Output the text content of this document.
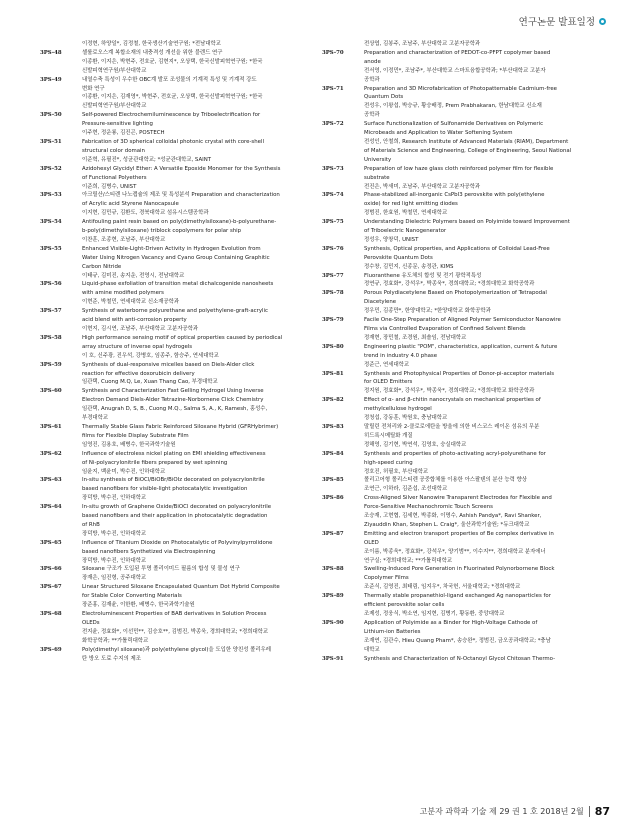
연구논문 발표일정
이정현, 하양일*, 김정철, 한국생산기술연구원; *전남대학교
3PS-48	셀룰로오스계 복합소재의 내충격성 개선을 위한 블렌드 연구
이종환, 이지은, 박현주, 전호균, 김현지*, 오상택, 한국신발피혁연구원; *한국
신발피혁연구원/부산대학교
3PS-49	내열수축 특성이 우수한 OBC계 발포 조성물의 기계적 특성 및 기계적 강도
변화 연구
이종환, 이지은, 김재영*, 박현주, 전호균, 오상택, 한국신발피혁연구원; *한국
신발피혁연구원/부산대학교
3PS-50	Self-powered Electrochemiluminescence by Triboelectrification for
Pressure-sensitive lighting
이주현, 정운룡, 김진곤, POSTECH
3PS-51	Fabrication of 3D spherical colloidal photonic crystal with core-shell
structural color domain
이준혁, 유필진*, 성균관대학교; *성균관대학교, SAINT
3PS-52	Azidohexyl Glycidyl Ether: A Versatile Epoxide Monomer for the Synthesis
of Functional Polyethers
이준희, 김병수, UNIST
3PS-53	아크릴산/스티렌 나노캡슐의 제조 및 특성분석 Preparation and characterization
of Acrylic acid Styrene Nanocapsule
이지현, 김민규, 김환도, 경북대학교 섬유시스템공학과
3PS-54	Antifouling paint resin based on poly(dimethylsiloxane)-b-polyurethane-
b-poly(dimethylsiloxane) triblock copolymers for polar ship
이찬훈, 조종현, 조남주, 부산대학교
3PS-55	Enhanced Visible-Light-Driven Activity in Hydrogen Evolution from
Water Using Nitrogen Vacancy and Cyano Group Containing Graphitic
Carbon Nitride
이태규, 김미진, 송지운, 전영시, 전남대학교
3PS-56	Liquid-phase exfoliation of transition metal dichalcogenide nanosheets
with amine modified polymers
이현준, 박철민, 연세대학교 신소재공학과
3PS-57	Synthesis of waterborne polyurethane and polyethylene-graft-acrylic
acid blend with anti-corrosion property
이현지, 김시연, 조남주, 부산대학교 고분자공학과
3PS-58	High performance sensing motif of optical properties caused by periodical
array structure of inverse opal hydrogels
이 호, 신주광, 진우석, 강병호, 임종주, 함승주, 연세대학교
3PS-59	Synthesis of dual-responsive micelles based on Diels-Alder click
reaction for effective doxorubicin delivery
임관택, Cuong M.Q, Le, Xuan Thang Cao, 부경대학교
3PS-60	Synthesis and Characterization Fast Gelling Hydrogel Using Inverse
Electron Demand Diels-Alder Tetrazine-Norbornene Click Chemistry
임관택, Anugrah D, S, B., Cuong M.Q., Salma S, A., K, Ramesh, 홍성수,
부경대학교
3PS-61	Thermally Stable Glass Fabric Reinforced Siloxane Hybrid (GFRHybrimer)
films for Flexible Display Substrate Film
임영진, 김용호, 배병수, 한국과학기술원
3PS-62	Influence of electroless nickel plating on EMI shielding effectiveness
of Ni-polyacrylonitrile fibers prepared by wet spinning
임윤지, 백윤미, 박수진, 인하대학교
3PS-63	In-situ synthesis of BiOCl/BiOBr/BiOIz decorated on polyacrylonitrile
based nanofibers for visible-light photocatalytic investigation
장덕방, 박수진, 인하대학교
3PS-64	In-situ growth of Graphene Oxide/BiOCl decorated on polyacrylonitrile
based nanofibers and their application in photocatalytic degradation
of RhB
장덕방, 박수진, 인하대학교
3PS-65	Influence of Titanium Dioxide on Photocatalytic of Polyvinylpyrrolidone
based nanofibers Synthetized via Electrospinning
장덕방, 박수진, 인하대학교
3PS-66	Siloxane 구조가 도입된 투명 폴리이미드 필름의 합성 및 물성 연구
장재은, 임진형, 공주대학교
3PS-67	Linear Structured Siloxane Encapsulated Quantum Dot Hybrid Composite
for Stable Color Converting Materials
장준홍, 김재윤, 이한환, 배병수, 한국과학기술원
3PS-68	Electroluminescent Properties of BAB derivatives in Solution Process
OLEDs
전지윤, 정효화*, 이선민**, 김승호**, 김범진, 박종욱, 경희대학교; *경희대학교
화학공학과; **가톨릭대학교
3PS-69	Poly(dimethyl siloxane)과 poly(ethylene glycol)을 도입한 양친성 폴리우레
탄 방오 도료 수지의 제조
전상엽, 김봉주, 조남주, 부산대학교 고분자공학과
3PS-70	Preparation and characterization of PEDOT-co-PFPT copolymer based
anode
전서영, 이정민*, 조남주*, 부산대학교 스마트융합공학과; *부산대학교 고분자
공학과
3PS-71	Preparation and 3D Microfabrication of Photopatternable Cadmium-free
Quantum Dots
전성우, 이왕섭, 박승규, 황승배정, Prem Prabhakaran, 한남대학교 신소재
공학과
3PS-72	Surface Functionalization of Sulfonamide Derivatives on Polymeric
Microbeads and Application to Water Softening System
전성인, 안철희, Research Institute of Advanced Materials (RIAM), Department
of Materials Science and Engineering, College of Engineering, Seoul National
University
3PS-73	Preparation of low haze glass cloth reinforced polymer film for flexible
substrate
전진은, 박새미, 조남주, 부산대학교 고분자공학과
3PS-74	Phase-stabilized all-inorganic CsPbI3 perovskite with poly(ethylene
oxide) for red light emitting diodes
정범진, 한효원, 박철민, 연세대학교
3PS-75	Understanding Dielectric Polymers based on Polyimide toward Improvement
of Triboelectric Nanogenerator
정성우, 양창덕, UNIST
3PS-76	Synthesis, Optical properties, and Applications of Colloidal Lead-Free
Perovskite Quantum Dots
정수창, 김민지, 신종문, 송정관, KIMS
3PS-77	Fluoranthene 유도체의 합성 및 전기 광학적특성
정연규, 정효화*, 강석우*, 박종욱*, 경희대학교; *경희대학교 화학공학과
3PS-78	Porous Polydiacetylene Based on Photopolymerization of Tetrapodal
Diacetylene
정우민, 김종만*, 한양대학교; *한양대학교 화학공학과
3PS-79	Facile One-Step Preparation of Aligned Polymer Semiconductor Nanowire
Films via Controlled Evaporation of Confined Solvent Blends
정재현, 장민철, 조경원, 최솔임, 전남대학교
3PS-80	Engineering plastic "POM", characteristics, application, current & future
trend in industry 4.0 phase
정준근, 연세대학교
3PS-81	Synthesis and Photophysical Properties of Donor-pi-acceptor materials
for OLED Emitters
정지원, 정효화*, 강석우*, 박종욱*, 경희대학교; *경희대학교 화학공학과
3PS-82	Effect of α- and β-chitin nanocrystals on mechanical properties of
methylcellulose hydrogel
정청섭, 강동훈, 박원호, 충남대학교
3PS-83	말릴린 전처리와 2-클로로에탄올 방울에 의한 비스코스 레이온 섬유의 무분
히드록시메틸화 개질
정해영, 김기현, 박연석, 김영호, 숭실대학교
3PS-84	Synthesis and properties of photo-activating acryl-polyurethane for
high-speed curing
정호진, 허필호, 부산대학교
3PS-85	폴리고어형 폴리스티렌 공중합체를 이용한 아스팔텐의 분산 능력 향상
조연근, 이하라, 김준섭, 조선대학교
3PS-86	Cross-Aligned Silver Nanowire Transparent Electrodes for Flexible and
Force-Sensitive Mechanochromic Touch Screens
조승재, 고현협, 김세현, 박종화, 이명수, Ashish Pandya*, Ravi Shanker,
Ziyauddin Khan, Stephen L. Craig*, 울산과학기술원; *듀크대학교
3PS-87	Emitting and electron transport properties of Be complex derivative in
OLED
조이름, 박종욱*, 정효화*, 강석우*, 양기범**, 이수지**, 경희대학교 분자에너
연구실; *경희대학교; **가톨릭대학교
3PS-88	Swelling-Induced Pore Generation in Fluorinated Polynorbornene Block
Copolymer Films
조준식, 김영진, 최태림, 임지우*, 차국헌, 서울대학교; *경희대학교
3PS-89	Thermally stable propanethiol-ligand exchanged Ag nanoparticles for
efficient perovskite solar cells
조제성, 정웅식, 박소연, 임지현, 김병기, 황동환, 중앙대학교
3PS-90	Application of Polyimide as a Binder for High-Voltage Cathode of
Lithium-ion Batteries
조재연, 김관수, Hieu Quang Pham*, 송승완*, 정범진, 금오공과대학교; *충남
대학교
3PS-91	Synthesis and Characterization of N-Octanoyl Glycol Chitosan Thermo-
고분자 과학과 기술 제 29 권 1 호 2018년 2월 87
